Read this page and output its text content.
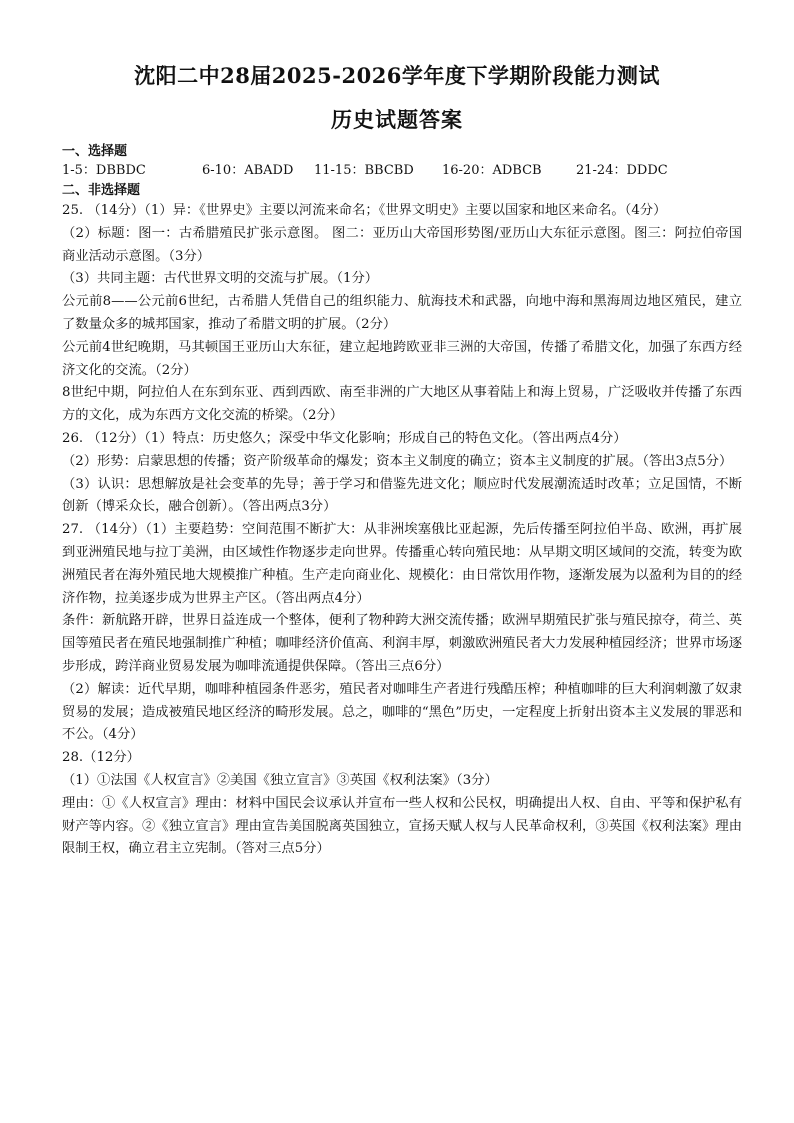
沈阳二中28届2025-2026学年度下学期阶段能力测试
历史试题答案

一、选择题

1-5：DBBDC	6-10：ABADD 11-15：BBCBD 16-20：ADBCB	21-24：DDDC

二、非选择题

25. （14分）（1）异：《世界史》主要以河流来命名；《世界文明史》主要以国家和地区来命名。（4分）

（2）标题：图一：古希腊殖民扩张示意图。 图二：亚历山大帝国形势图/亚历山大东征示意图。图三：阿拉伯帝国商业活动示意图。（3分）

（3）共同主题：古代世界文明的交流与扩展。（1分）

公元前8——公元前6世纪，古希腊人凭借自己的组织能力、航海技术和武器，向地中海和黑海周边地区殖民，建立了数量众多的城邦国家，推动了希腊文明的扩展。（2分）

公元前4世纪晚期，马其顿国王亚历山大东征，建立起地跨欧亚非三洲的大帝国，传播了希腊文化，加强了东西方经济文化的交流。（2分）

8世纪中期，阿拉伯人在东到东亚、西到西欧、南至非洲的广大地区从事着陆上和海上贸易，广泛吸收并传播了东西方的文化，成为东西方文化交流的桥梁。（2分）

26. （12分）（1）特点：历史悠久；深受中华文化影响；形成自己的特色文化。（答出两点4分）

（2）形势：启蒙思想的传播；资产阶级革命的爆发；资本主义制度的确立；资本主义制度的扩展。（答出3点5分）

（3）认识：思想解放是社会变革的先导；善于学习和借鉴先进文化；顺应时代发展潮流适时改革；立足国情，不断创新（博采众长，融合创新）。（答出两点3分）

27. （14分）（1）主要趋势：空间范围不断扩大：从非洲埃塞俄比亚起源，先后传播至阿拉伯半岛、欧洲，再扩展到亚洲殖民地与拉丁美洲，由区域性作物逐步走向世界。传播重心转向殖民地：从早期文明区域间的交流，转变为欧洲殖民者在海外殖民地大规模推广种植。生产走向商业化、规模化：由日常饮用作物，逐渐发展为以盈利为目的的经济作物，拉美逐步成为世界主产区。（答出两点4分）

条件：新航路开辟，世界日益连成一个整体，便利了物种跨大洲交流传播；欧洲早期殖民扩张与殖民掠夺，荷兰、英国等殖民者在殖民地强制推广种植；咖啡经济价值高、利润丰厚，刺激欧洲殖民者大力发展种植园经济；世界市场逐步形成，跨洋商业贸易发展为咖啡流通提供保障。（答出三点6分）

（2）解读：近代早期，咖啡种植园条件恶劣，殖民者对咖啡生产者进行残酷压榨；种植咖啡的巨大利润刺激了奴隶贸易的发展；造成被殖民地区经济的畸形发展。总之，咖啡的“黑色”历史，一定程度上折射出资本主义发展的罪恶和不公。（4分）

28.（12分）

（1）①法国《人权宣言》②美国《独立宣言》③英国《权利法案》（3分）

理由：①《人权宣言》理由：材料中国民会议承认并宣布一些人权和公民权，明确提出人权、自由、平等和保护私有财产等内容。②《独立宣言》理由宣告美国脱离英国独立，宣扬天赋人权与人民革命权利，③英国《权利法案》理由限制王权，确立君主立宪制。（答对三点5分）
